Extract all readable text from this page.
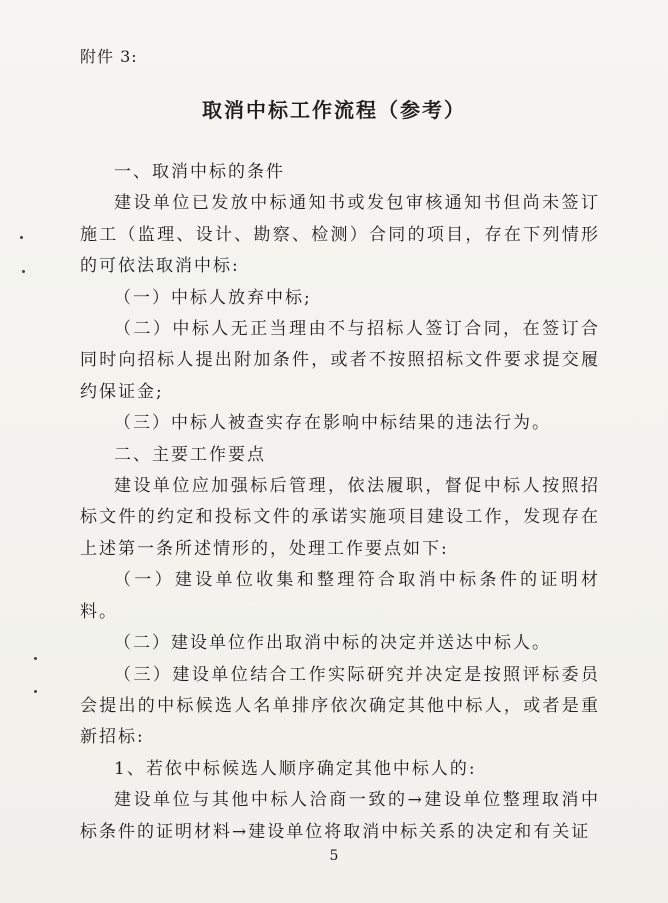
附件 3:
取消中标工作流程（参考）

一、取消中标的条件

建设单位已发放中标通知书或发包审核通知书但尚未签订施工（监理、设计、勘察、检测）合同的项目，存在下列情形的可依法取消中标:

（一）中标人放弃中标;

（二）中标人无正当理由不与招标人签订合同，在签订合同时向招标人提出附加条件，或者不按照招标文件要求提交履约保证金;

（三）中标人被查实存在影响中标结果的违法行为。

二、主要工作要点

建设单位应加强标后管理，依法履职，督促中标人按照招标文件的约定和投标文件的承诺实施项目建设工作，发现存在上述第一条所述情形的，处理工作要点如下:

（一）建设单位收集和整理符合取消中标条件的证明材料。

（二）建设单位作出取消中标的决定并送达中标人。

（三）建设单位结合工作实际研究并决定是按照评标委员会提出的中标候选人名单排序依次确定其他中标人，或者是重新招标:

1、若依中标候选人顺序确定其他中标人的:

建设单位与其他中标人洽商一致的→建设单位整理取消中标条件的证明材料→建设单位将取消中标关系的决定和有关证

5
